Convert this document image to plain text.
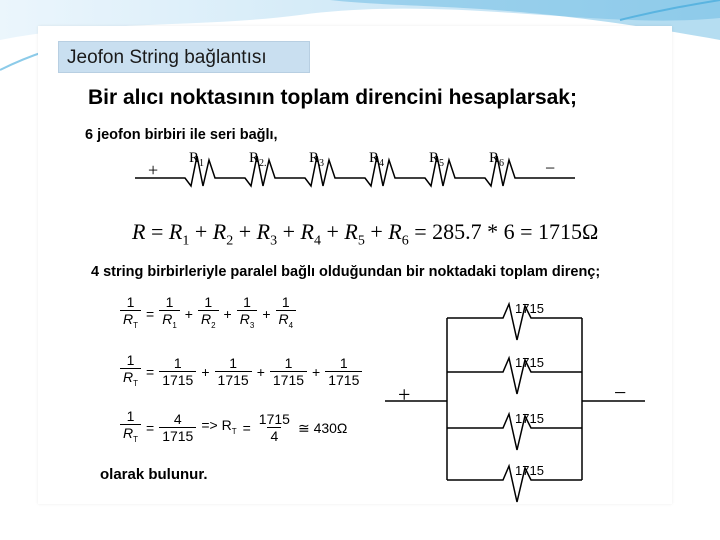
Jeofon String bağlantısı
Bir alıcı noktasının toplam direncini hesaplarsak;
6 jeofon birbiri ile seri bağlı,
+	−
$R_1$	$R_{2.}$	$R_3$	$R_4$	$R_5$	$R_6$
$R = R_1 + R_2 + R_3 + R_4 + R_5 + R_6 = 285.7 * 6 = 1715\Omega$
4 string birbirleriyle paralel bağlı olduğundan bir noktadaki toplam direnç;
$\frac{1}{R_T} = \frac{1}{R_1} + \frac{1}{R_2} + \frac{1}{R_3} + \frac{1}{R_4}$
$\frac{1}{R_T} = \frac{1}{1715} + \frac{1}{1715} + \frac{1}{1715} + \frac{1}{1715}$
$\frac{1}{R_T} = \frac{4}{1715} => R_T = \frac{1715}{4}$ ≅ 430Ω
olarak bulunur.
+	−
1715
1715
1715
1715
